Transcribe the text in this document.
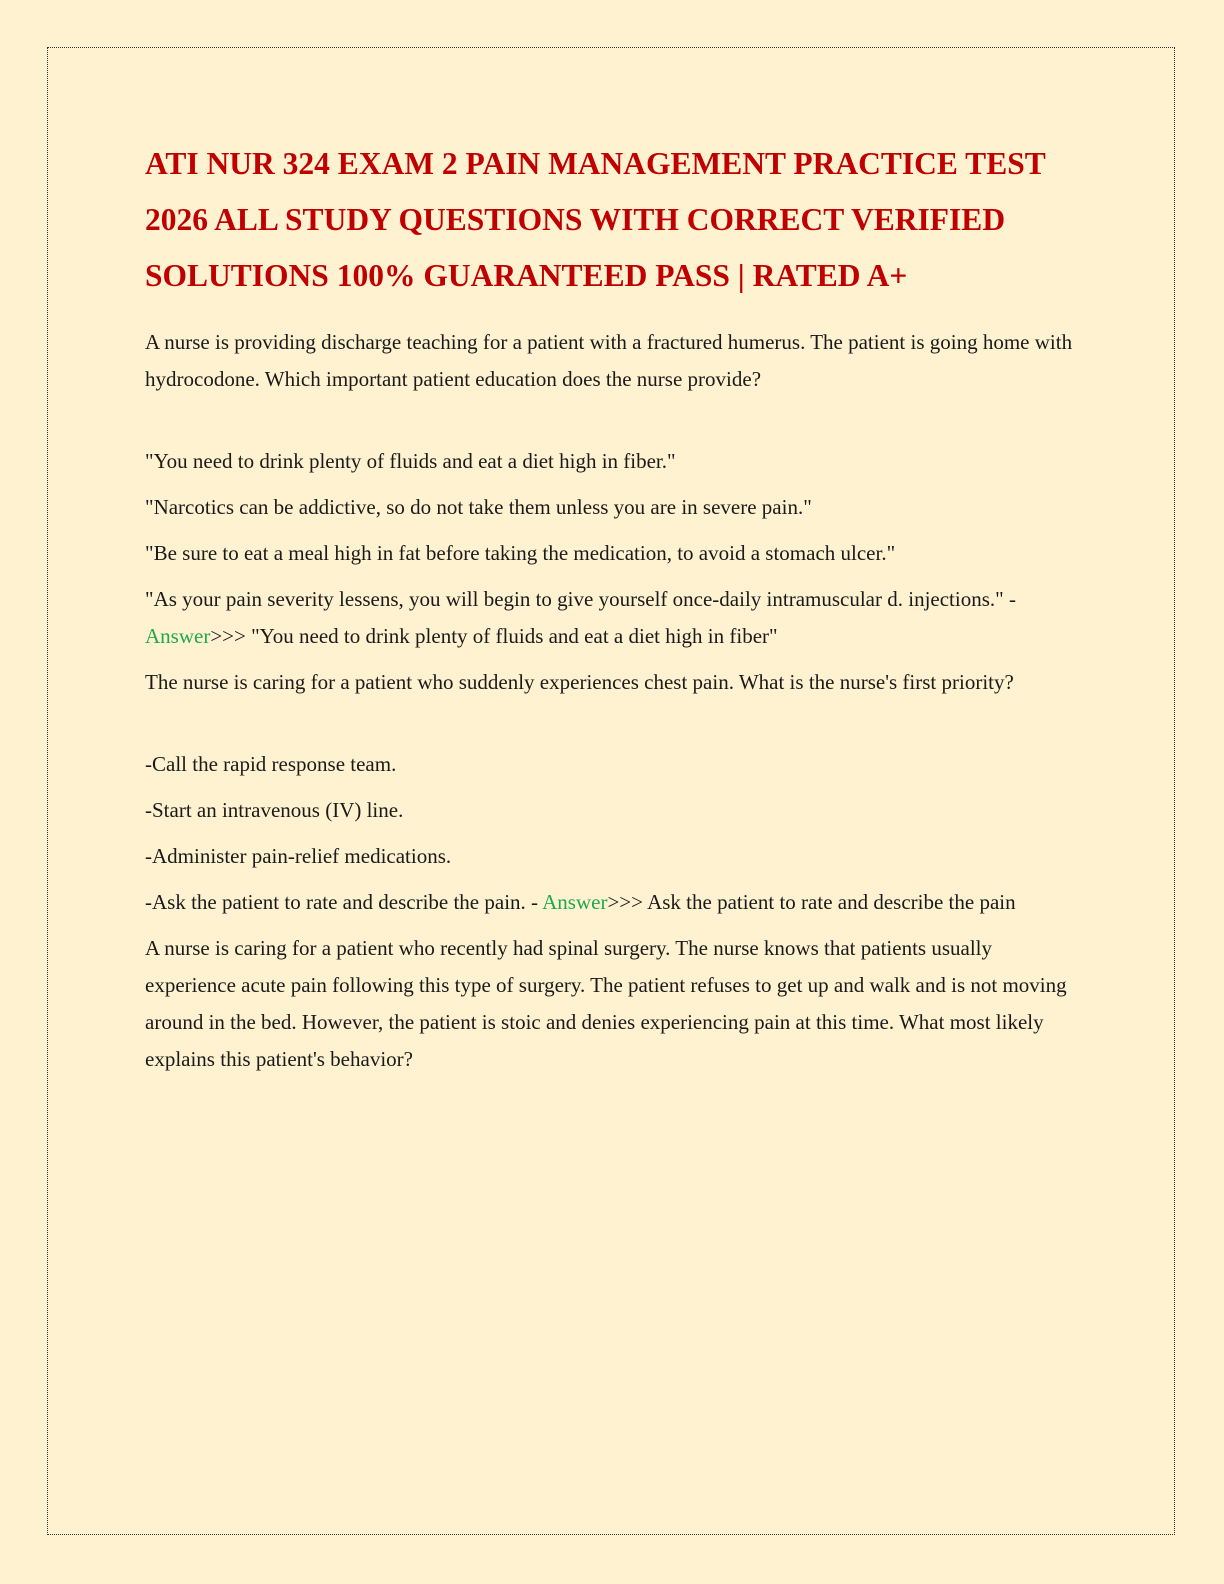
ATI NUR 324 EXAM 2 PAIN MANAGEMENT PRACTICE TEST 2026 ALL STUDY QUESTIONS WITH CORRECT VERIFIED SOLUTIONS 100% GUARANTEED PASS | RATED A+

A nurse is providing discharge teaching for a patient with a fractured humerus. The patient is going home with hydrocodone. Which important patient education does the nurse provide?

"You need to drink plenty of fluids and eat a diet high in fiber."

"Narcotics can be addictive, so do not take them unless you are in severe pain."

"Be sure to eat a meal high in fat before taking the medication, to avoid a stomach ulcer."

"As your pain severity lessens, you will begin to give yourself once-daily intramuscular d. injections." - Answer>>> "You need to drink plenty of fluids and eat a diet high in fiber"

The nurse is caring for a patient who suddenly experiences chest pain. What is the nurse's first priority?

-Call the rapid response team.

-Start an intravenous (IV) line.

-Administer pain-relief medications.

-Ask the patient to rate and describe the pain. - Answer>>> Ask the patient to rate and describe the pain

A nurse is caring for a patient who recently had spinal surgery. The nurse knows that patients usually experience acute pain following this type of surgery. The patient refuses to get up and walk and is not moving around in the bed. However, the patient is stoic and denies experiencing pain at this time. What most likely explains this patient's behavior?
